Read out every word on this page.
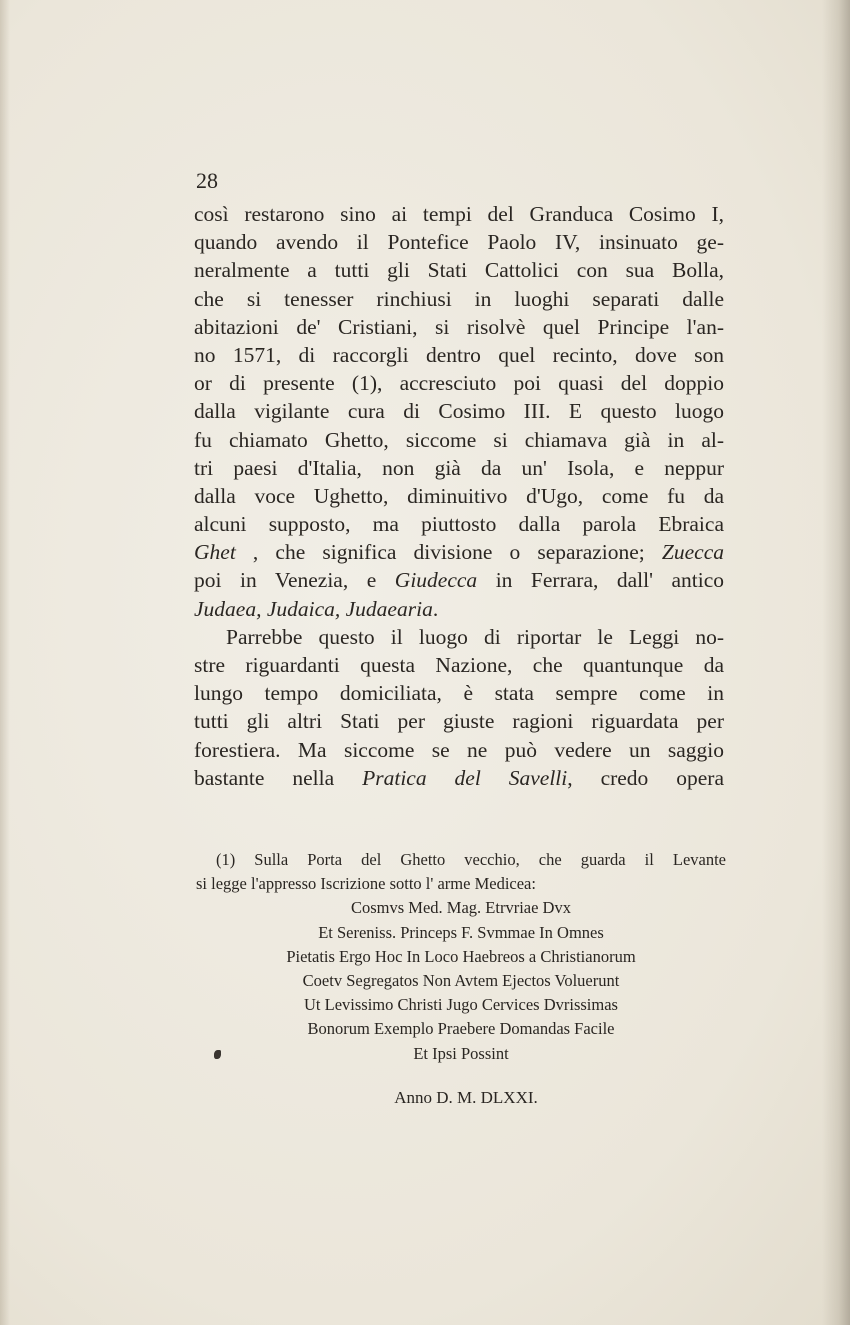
28
così restarono sino ai tempi del Granduca Cosimo I,
quando avendo il Pontefice Paolo IV, insinuato ge-
neralmente a tutti gli Stati Cattolici con sua Bolla,
che si tenesser rinchiusi in luoghi separati dalle
abitazioni de' Cristiani, si risolvè quel Principe l'an-
no 1571, di raccorgli dentro quel recinto, dove son
or di presente (1), accresciuto poi quasi del doppio
dalla vigilante cura di Cosimo III. E questo luogo
fu chiamato Ghetto, siccome si chiamava già in al-
tri paesi d'Italia, non già da un' Isola, e neppur
dalla voce Ughetto, diminuitivo d'Ugo, come fu da
alcuni supposto, ma piuttosto dalla parola Ebraica
Ghet , che significa divisione o separazione; Zuecca
poi in Venezia, e Giudecca in Ferrara, dall' antico
Judaea, Judaica, Judaearia.
Parrebbe questo il luogo di riportar le Leggi no-
stre riguardanti questa Nazione, che quantunque da
lungo tempo domiciliata, è stata sempre come in
tutti gli altri Stati per giuste ragioni riguardata per
forestiera. Ma siccome se ne può vedere un saggio
bastante nella Pratica del Savelli, credo opera
(1) Sulla Porta del Ghetto vecchio, che guarda il Levante
si legge l'appresso Iscrizione sotto l' arme Medicea:
Cosmvs Med. Mag. Etrvriae Dvx
Et Sereniss. Princeps F. Svmmae In Omnes
Pietatis Ergo Hoc In Loco Haebreos a Christianorum
Coetv Segregatos Non Avtem Ejectos Voluerunt
Ut Levissimo Christi Jugo Cervices Dvrissimas
Bonorum Exemplo Praebere Domandas Facile
Et Ipsi Possint
Anno D. M. DLXXI.
